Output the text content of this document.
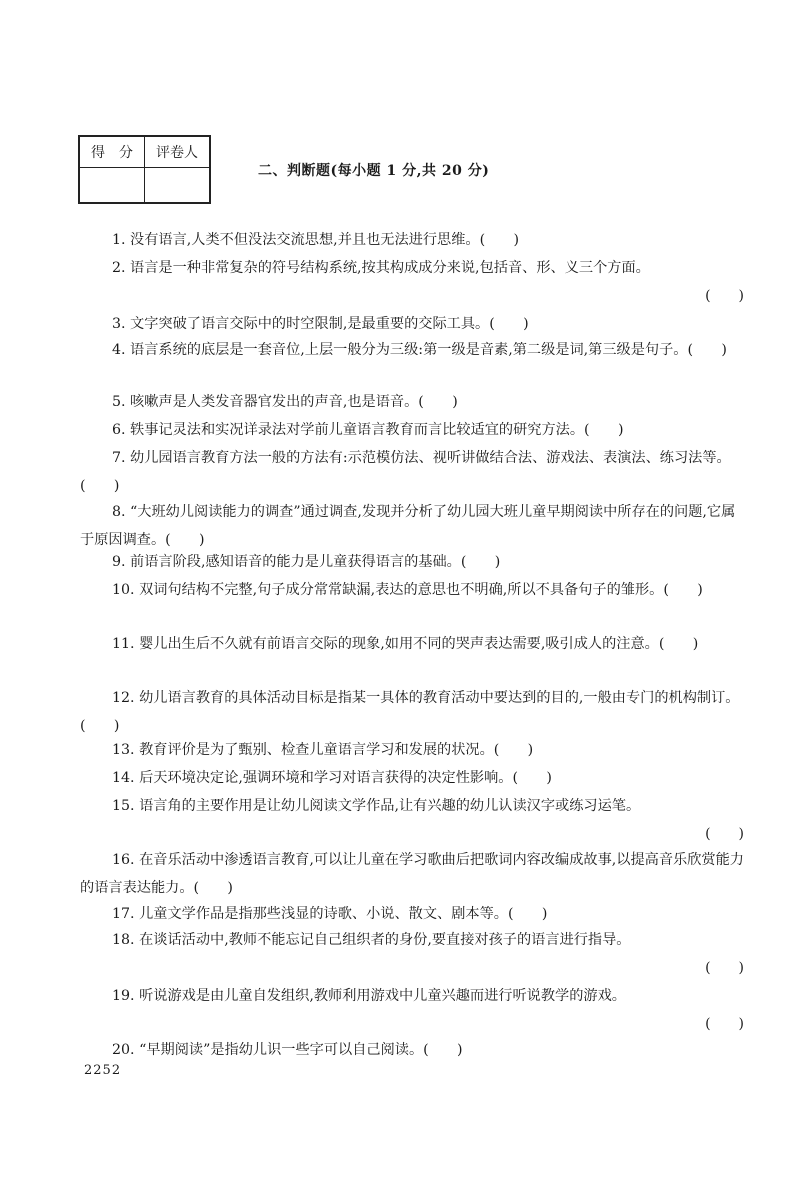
得　分	评卷人

二、判断题(每小题 1 分,共 20 分)
1. 没有语言,人类不但没法交流思想,并且也无法进行思维。(　　)
2. 语言是一种非常复杂的符号结构系统,按其构成成分来说,包括音、形、义三个方面。
(　　)
3. 文字突破了语言交际中的时空限制,是最重要的交际工具。(　　)
4. 语言系统的底层是一套音位,上层一般分为三级:第一级是音素,第二级是词,第三级是句子。(　　)
5. 咳嗽声是人类发音器官发出的声音,也是语音。(　　)
6. 轶事记灵法和实况详录法对学前儿童语言教育而言比较适宜的研究方法。(　　)
7. 幼儿园语言教育方法一般的方法有:示范模仿法、视听讲做结合法、游戏法、表演法、练习法等。(　　)
8. “大班幼儿阅读能力的调查”通过调查,发现并分析了幼儿园大班儿童早期阅读中所存在的问题,它属于原因调查。(　　)
9. 前语言阶段,感知语音的能力是儿童获得语言的基础。(　　)
10. 双词句结构不完整,句子成分常常缺漏,表达的意思也不明确,所以不具备句子的雏形。(　　)
11. 婴儿出生后不久就有前语言交际的现象,如用不同的哭声表达需要,吸引成人的注意。(　　)
12. 幼儿语言教育的具体活动目标是指某一具体的教育活动中要达到的目的,一般由专门的机构制订。(　　)
13. 教育评价是为了甄别、检查儿童语言学习和发展的状况。(　　)
14. 后天环境决定论,强调环境和学习对语言获得的决定性影响。(　　)
15. 语言角的主要作用是让幼儿阅读文学作品,让有兴趣的幼儿认读汉字或练习运笔。
(　　)
16. 在音乐活动中渗透语言教育,可以让儿童在学习歌曲后把歌词内容改编成故事,以提高音乐欣赏能力的语言表达能力。(　　)
17. 儿童文学作品是指那些浅显的诗歌、小说、散文、剧本等。(　　)
18. 在谈话活动中,教师不能忘记自己组织者的身份,要直接对孩子的语言进行指导。
(　　)
19. 听说游戏是由儿童自发组织,教师利用游戏中儿童兴趣而进行听说教学的游戏。
(　　)
20. “早期阅读”是指幼儿识一些字可以自己阅读。(　　)
2252
